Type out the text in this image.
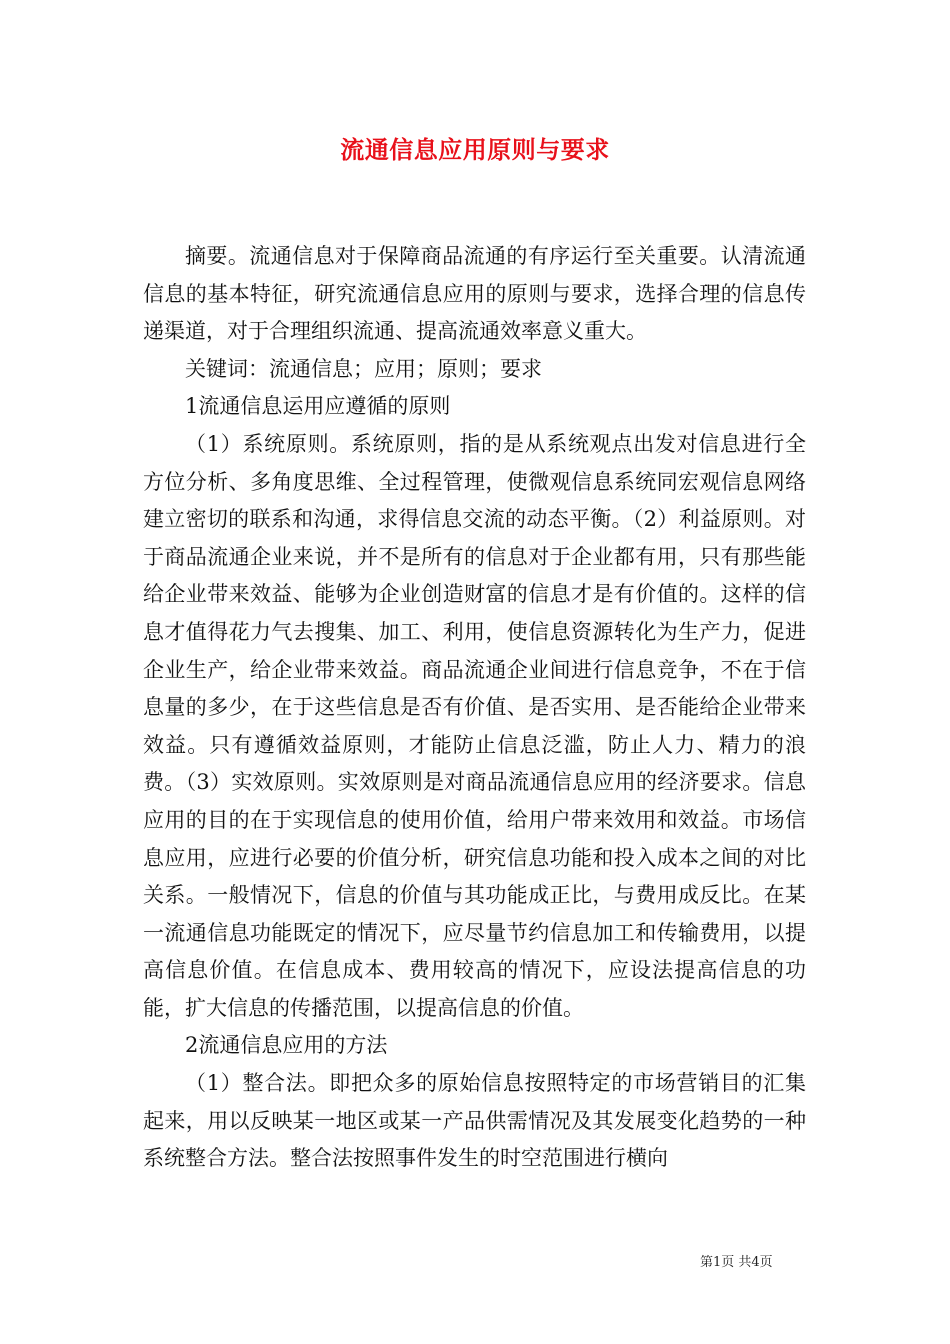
流通信息应用原则与要求

摘要。流通信息对于保障商品流通的有序运行至关重要。认清流通信息的基本特征，研究流通信息应用的原则与要求，选择合理的信息传递渠道，对于合理组织流通、提高流通效率意义重大。

关键词：流通信息；应用；原则；要求

1流通信息运用应遵循的原则

（1）系统原则。系统原则，指的是从系统观点出发对信息进行全方位分析、多角度思维、全过程管理，使微观信息系统同宏观信息网络建立密切的联系和沟通，求得信息交流的动态平衡。（2）利益原则。对于商品流通企业来说，并不是所有的信息对于企业都有用，只有那些能给企业带来效益、能够为企业创造财富的信息才是有价值的。这样的信息才值得花力气去搜集、加工、利用，使信息资源转化为生产力，促进企业生产，给企业带来效益。商品流通企业间进行信息竞争，不在于信息量的多少，在于这些信息是否有价值、是否实用、是否能给企业带来效益。只有遵循效益原则，才能防止信息泛滥，防止人力、精力的浪费。（3）实效原则。实效原则是对商品流通信息应用的经济要求。信息应用的目的在于实现信息的使用价值，给用户带来效用和效益。市场信息应用，应进行必要的价值分析，研究信息功能和投入成本之间的对比关系。一般情况下，信息的价值与其功能成正比，与费用成反比。在某一流通信息功能既定的情况下，应尽量节约信息加工和传输费用，以提高信息价值。在信息成本、费用较高的情况下，应设法提高信息的功能，扩大信息的传播范围，以提高信息的价值。

2流通信息应用的方法

（1）整合法。即把众多的原始信息按照特定的市场营销目的汇集起来，用以反映某一地区或某一产品供需情况及其发展变化趋势的一种系统整合方法。整合法按照事件发生的时空范围进行横向

第1页 共4页
